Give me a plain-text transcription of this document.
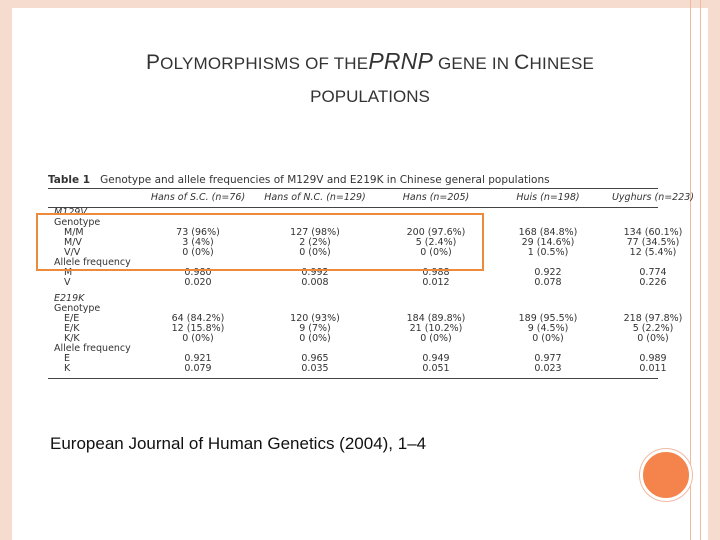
POLYMORPHISMS OF THEPRNP GENE IN CHINESE
POPULATIONS
Table 1 Genotype and allele frequencies of M129V and E219K in Chinese general populations
Hans of S.C. (n=76)	Hans of N.C. (n=129)	Hans (n=205)	Huis (n=198)	Uyghurs (n=223)
M129V
Genotype
M/M	73 (96%)	127 (98%)	200 (97.6%)	168 (84.8%)	134 (60.1%)
M/V	3 (4%)	2 (2%)	5 (2.4%)	29 (14.6%)	77 (34.5%)
V/V	0 (0%)	0 (0%)	0 (0%)	1 (0.5%)	12 (5.4%)
Allele frequency
M	0.980	0.992	0.988	0.922	0.774
V	0.020	0.008	0.012	0.078	0.226
E219K
Genotype
E/E	64 (84.2%)	120 (93%)	184 (89.8%)	189 (95.5%)	218 (97.8%)
E/K	12 (15.8%)	9 (7%)	21 (10.2%)	9 (4.5%)	5 (2.2%)
K/K	0 (0%)	0 (0%)	0 (0%)	0 (0%)	0 (0%)
Allele frequency
E	0.921	0.965	0.949	0.977	0.989
K	0.079	0.035	0.051	0.023	0.011
European Journal of Human Genetics (2004), 1–4
